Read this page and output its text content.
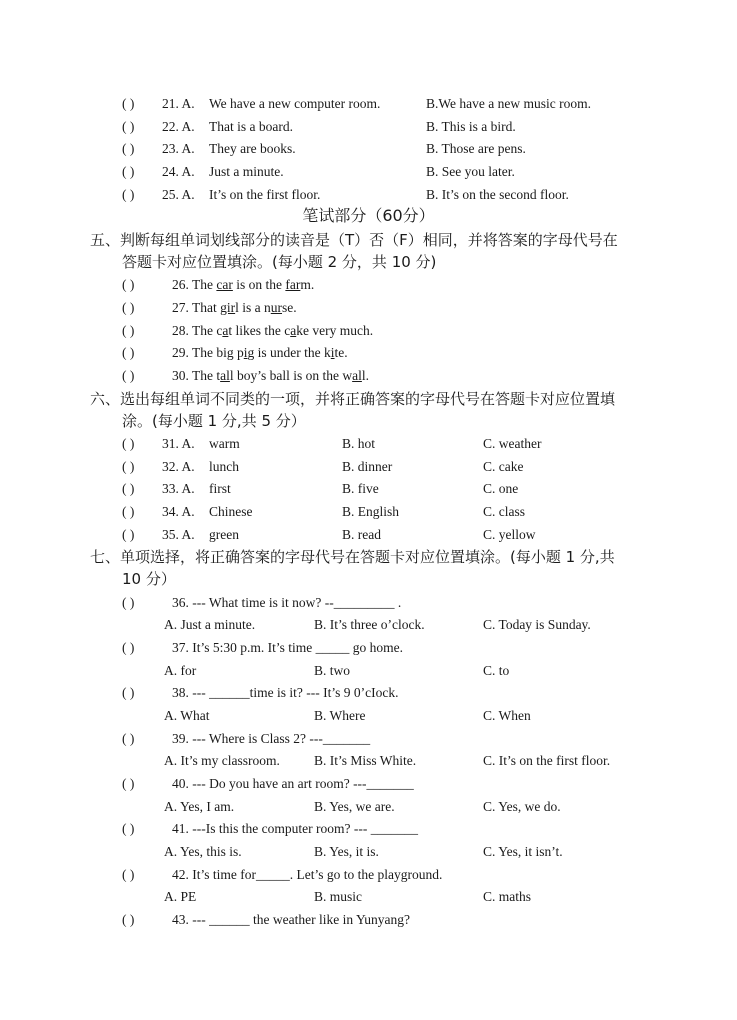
( ) 21. A. We have a new computer room.	B.We have a new music room.
( ) 22. A. That is a board.	B. This is a bird.
( ) 23. A. They are books.	B. Those are pens.
( ) 24. A. Just a minute.	B. See you later.
( ) 25. A. It’s on the first floor.	B. It’s on the second floor.
笔试部分（60分）
五、判断每组单词划线部分的读音是（T）否（F）相同，并将答案的字母代号在
答题卡对应位置填涂。(每小题 2 分，共 10 分)
( )	26. The car is on the farm.
( )	27. That girl is a nurse.
( )	28. The cat likes the cake very much.
( )	29. The big pig is under the kite.
( )	30. The tall boy’s ball is on the wall.
六、选出每组单词不同类的一项，并将正确答案的字母代号在答题卡对应位置填
涂。(每小题 1 分,共 5 分）
( ) 31. A. warm	B. hot	C. weather
( ) 32. A. lunch	B. dinner	C. cake
( ) 33. A. first	B. five	C. one
( ) 34. A. Chinese	B. English	C. class
( ) 35. A. green	B. read	C. yellow
七、单项选择，将正确答案的字母代号在答题卡对应位置填涂。(每小题 1 分,共
10 分）
( )	36. --- What time is it now? --_________ .
A. Just a minute.	B. It’s three o’clock.	C. Today is Sunday.
( )	37. It’s 5:30 p.m. It’s time _____ go home.
A. for	B. two	C. to
( )	38. --- ______time is it? --- It’s 9 0’cIock.
A. What	B. Where	C. When
( )	39. --- Where is Class 2? ---_______
A. It’s my classroom.	B. It’s Miss White.	C. It’s on the first floor.
( )	40. --- Do you have an art room? ---_______
A. Yes, I am.	B. Yes, we are.	C. Yes, we do.
( )	41. ---Is this the computer room? --- _______
A. Yes, this is.	B. Yes, it is.	C. Yes, it isn’t.
( )	42. It’s time for_____. Let’s go to the playground.
A. PE	B. music	C. maths
( )	43. --- ______ the weather like in Yunyang?
